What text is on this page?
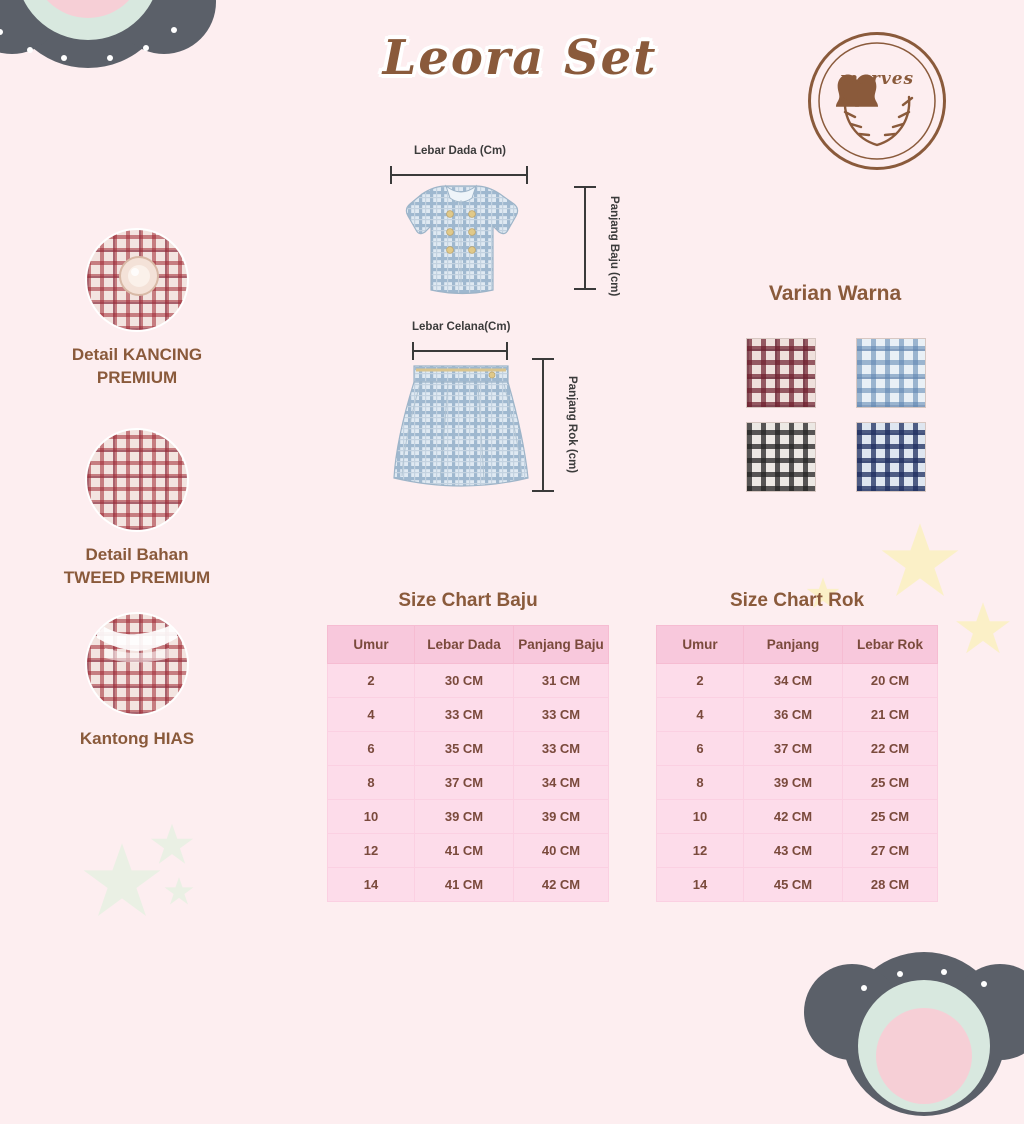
Leora Set	marves
Detail KANCING
PREMIUM
Detail Bahan
TWEED PREMIUM
Kantong HIAS
Lebar Dada (Cm)
Panjang Baju (cm)
Lebar Celana(Cm)
Panjang Rok (cm)
Varian Warna
Size Chart Baju
Umur	Lebar Dada	Panjang Baju
2	30 CM	31 CM
4	33 CM	33 CM
6	35 CM	33 CM
8	37 CM	34 CM
10	39 CM	39 CM
12	41 CM	40 CM
14	41 CM	42 CM
Size Chart Rok
Umur	Panjang	Lebar Rok
2	34 CM	20 CM
4	36 CM	21 CM
6	37 CM	22 CM
8	39 CM	25 CM
10	42 CM	25 CM
12	43 CM	27 CM
14	45 CM	28 CM
